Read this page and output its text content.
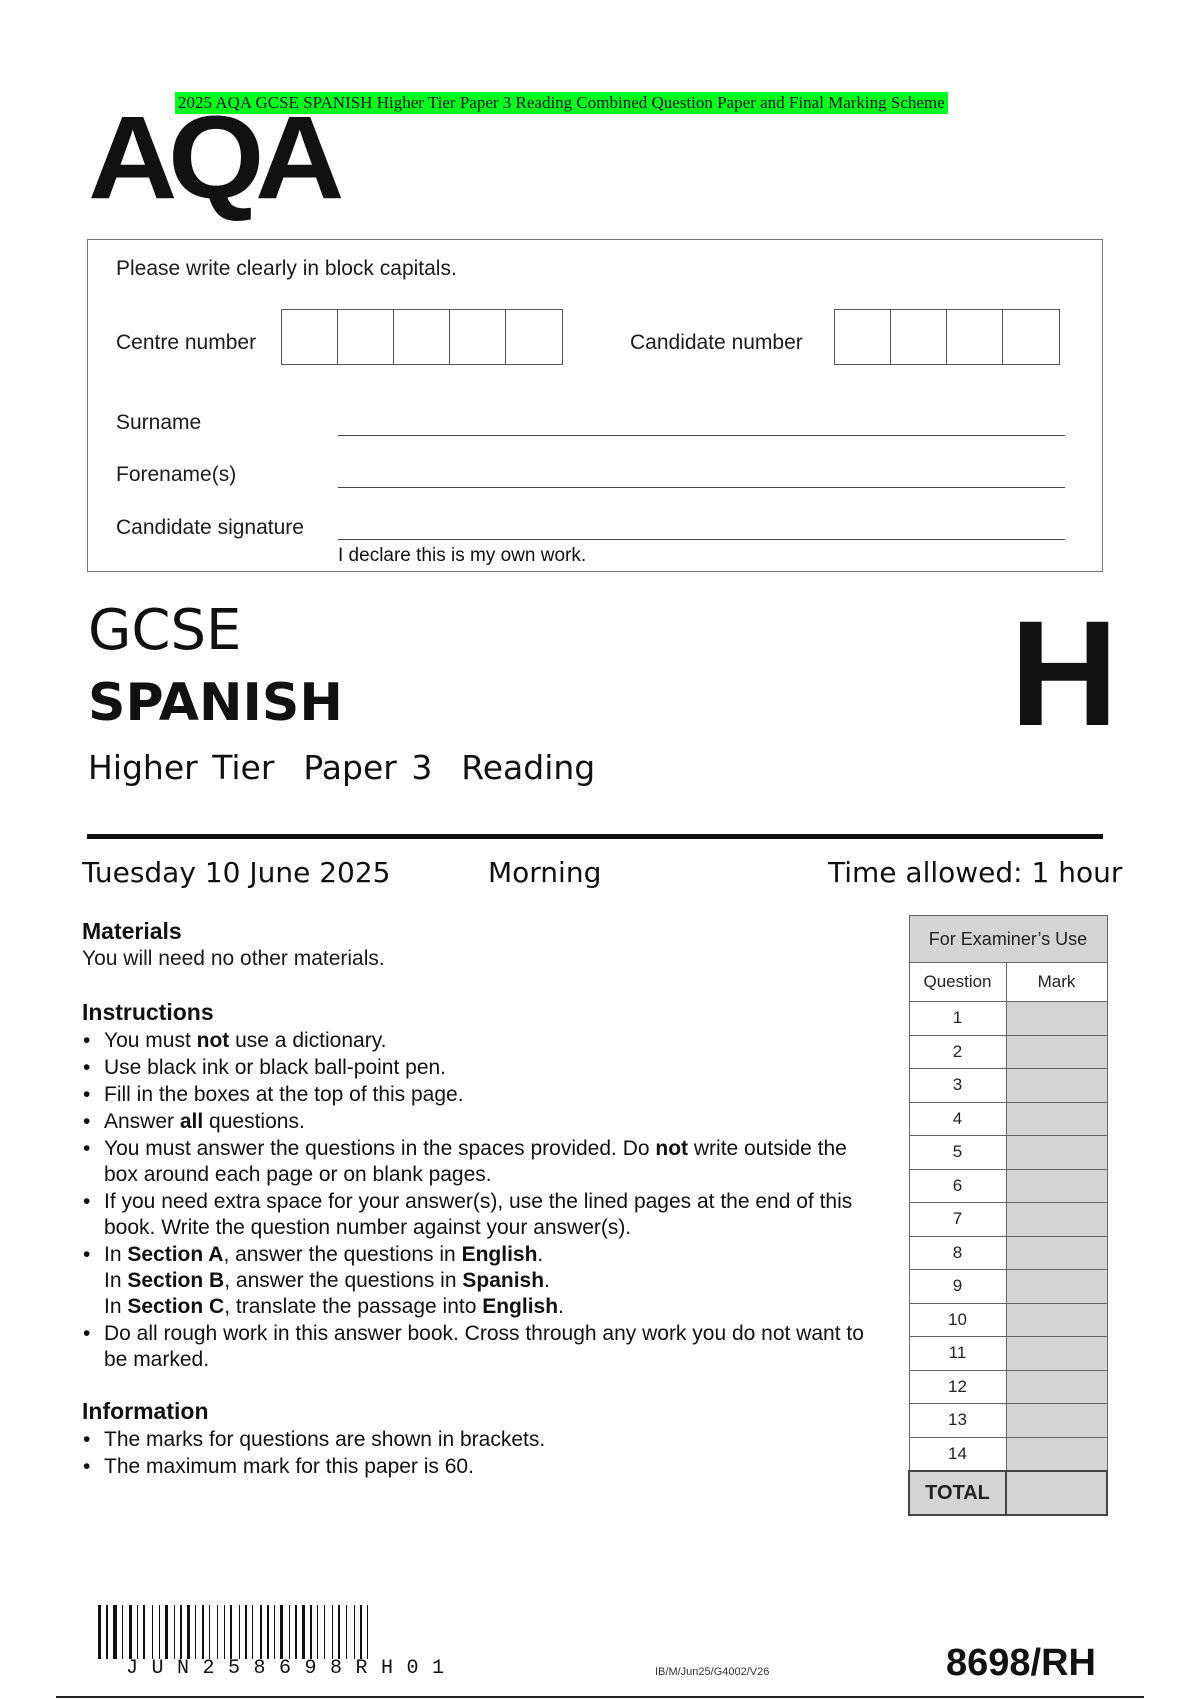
2025 AQA GCSE SPANISH Higher Tier Paper 3 Reading Combined Question Paper and Final Marking Scheme
AQA
Please write clearly in block capitals.
Centre number	Candidate number
Surname
Forename(s)
Candidate signature
I declare this is my own work.
GCSE
SPANISH
Higher Tier  Paper 3  Reading
H
Tuesday 10 June 2025	Morning	Time allowed: 1 hour
Materials
You will need no other materials.
Instructions
• You must not use a dictionary.
• Use black ink or black ball-point pen.
• Fill in the boxes at the top of this page.
• Answer all questions.
• You must answer the questions in the spaces provided. Do not write outside the box around each page or on blank pages.
• If you need extra space for your answer(s), use the lined pages at the end of this book. Write the question number against your answer(s).
• In Section A, answer the questions in English.
In Section B, answer the questions in Spanish.
In Section C, translate the passage into English.
• Do all rough work in this answer book. Cross through any work you do not want to be marked.
Information
• The marks for questions are shown in brackets.
• The maximum mark for this paper is 60.
For Examiner’s Use	
Question	Mark
1	
2	
3	
4	
5	
6	
7	
8	
9	
10	
11	
12	
13	
14	
TOTAL	
JUN258698RH01	IB/M/Jun25/G4002/V26	8698/RH
